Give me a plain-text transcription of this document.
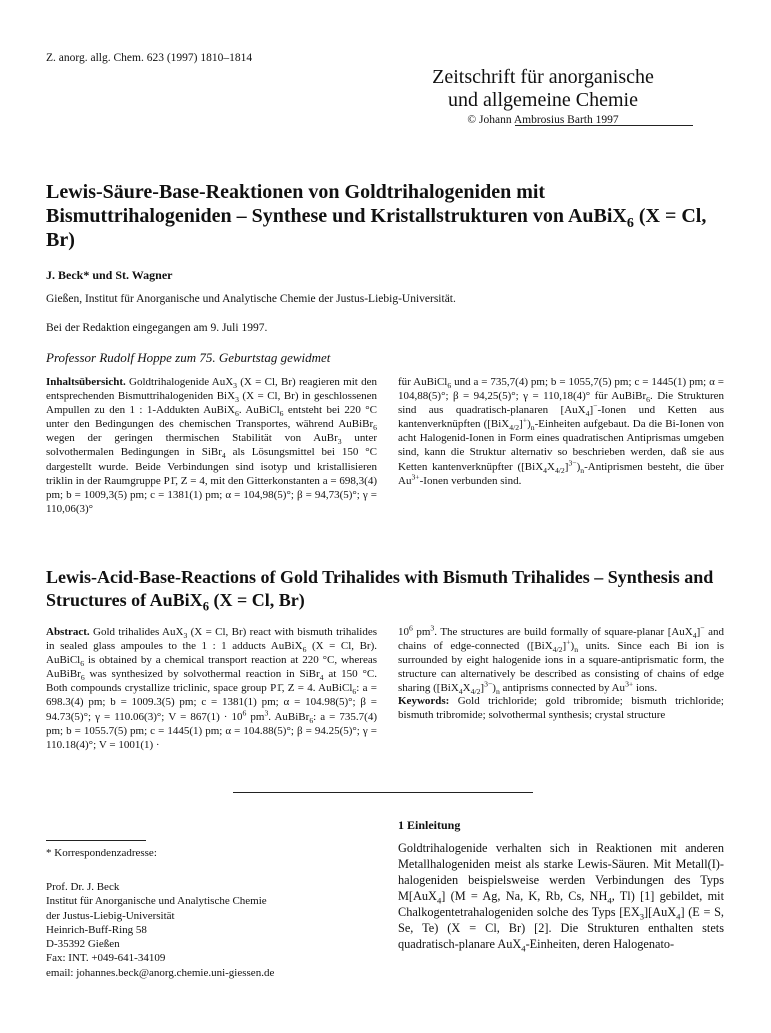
Z. anorg. allg. Chem. 623 (1997) 1810–1814
Zeitschrift für anorganische
und allgemeine Chemie
© Johann Ambrosius Barth 1997
Lewis-Säure-Base-Reaktionen von Goldtrihalogeniden mit Bismuttrihalogeniden – Synthese und Kristallstrukturen von AuBiX$_6$ (X = Cl, Br)
J. Beck* und St. Wagner
Gießen, Institut für Anorganische und Analytische Chemie der Justus-Liebig-Universität.
Bei der Redaktion eingegangen am 9. Juli 1997.
Professor Rudolf Hoppe zum 75. Geburtstag gewidmet
Inhaltsübersicht. Goldtrihalogenide AuX$_3$ (X = Cl, Br) reagieren mit den entsprechenden Bismuttrihalogeniden BiX$_3$ (X = Cl, Br) in geschlossenen Ampullen zu den 1 : 1-Addukten AuBiX$_6$. AuBiCl$_6$ entsteht bei 220 °C unter den Bedingungen des chemischen Transportes, während AuBiBr$_6$ wegen der geringen thermischen Stabilität von AuBr$_3$ unter solvothermalen Bedingungen in SiBr$_4$ als Lösungsmittel bei 150 °C dargestellt wurde. Beide Verbindungen sind isotyp und kristallisieren triklin in der Raumgruppe P1̄, Z = 4, mit den Gitterkonstanten a = 698,3(4) pm; b = 1009,3(5) pm; c = 1381(1) pm; α = 104,98(5)°; β = 94,73(5)°; γ = 110,06(3)°
für AuBiCl$_6$ und a = 735,7(4) pm; b = 1055,7(5) pm; c = 1445(1) pm; α = 104,88(5)°; β = 94,25(5)°; γ = 110,18(4)° für AuBiBr$_6$. Die Strukturen sind aus quadratisch-planaren [AuX$_4$]−-Ionen und Ketten aus kantenverknüpften $([BiX_{4/2}]^+)_n$-Einheiten aufgebaut. Da die Bi-Ionen von acht Halogenid-Ionen in Form eines quadratischen Antiprismas umgeben sind, kann die Struktur alternativ so beschrieben werden, daß sie aus Ketten kantenverknüpfter $([BiX_4X_{4/2}]^{3-})_n$-Antiprismen besteht, die über $Au^{3+}$-Ionen verbunden sind.
Lewis-Acid-Base-Reactions of Gold Trihalides with Bismuth Trihalides – Synthesis and Structures of AuBiX$_6$ (X = Cl, Br)
Abstract. Gold trihalides AuX$_3$ (X = Cl, Br) react with bismuth trihalides in sealed glass ampoules to the 1 : 1 adducts AuBiX$_6$ (X = Cl, Br). AuBiCl$_6$ is obtained by a chemical transport reaction at 220 °C, whereas AuBiBr$_6$ was synthesized by solvothermal reaction in SiBr$_4$ at 150 °C. Both compounds crystallize triclinic, space group P1̄, Z = 4. AuBiCl$_6$: a = 698.3(4) pm; b = 1009.3(5) pm; c = 1381(1) pm; α = 104.98(5)°; β = 94.73(5)°; γ = 110.06(3)°; $V = 867(1) \cdot 10^6$ $pm^3$. AuBiBr$_6$: a = 735.7(4) pm; b = 1055.7(5) pm; c = 1445(1) pm; α = 104.88(5)°; β = 94.25(5)°; γ = 110.18(4)°; V = 1001(1) ·
$10^6$ $pm^3$. The structures are build formally of square-planar [AuX$_4$]− and chains of edge-connected $([BiX_{4/2}]^+)_n$ units. Since each Bi ion is surrounded by eight halogenide ions in a square-antiprismatic form, the structure can alternatively be described as consisting of chains of edge sharing $([BiX_4X_{4/2}]^{3-})_n$ antiprisms connected by $Au^{3+}$ ions.
Keywords: Gold trichloride; gold tribromide; bismuth trichloride; bismuth tribromide; solvothermal synthesis; crystal structure
* Korrespondenzadresse:
Prof. Dr. J. Beck
Institut für Anorganische und Analytische Chemie
der Justus-Liebig-Universität
Heinrich-Buff-Ring 58
D-35392 Gießen
Fax: INT. +049-641-34109
email: johannes.beck@anorg.chemie.uni-giessen.de
1 Einleitung
Goldtrihalogenide verhalten sich in Reaktionen mit anderen Metallhalogeniden meist als starke Lewis-Säuren. Mit Metall(I)-halogeniden beispielsweise werden Verbindungen des Typs M[AuX$_4$] (M = Ag, Na, K, Rb, Cs, $NH_4$, Tl) [1] gebildet, mit Chalkogentetrahalogeniden solche des Typs $[EX_3][AuX_4] (E = S$, Se, Te) (X = Cl, Br) [2]. Die Strukturen enthalten stets quadratisch-planare AuX$_4$-Einheiten, deren Halogenato-
